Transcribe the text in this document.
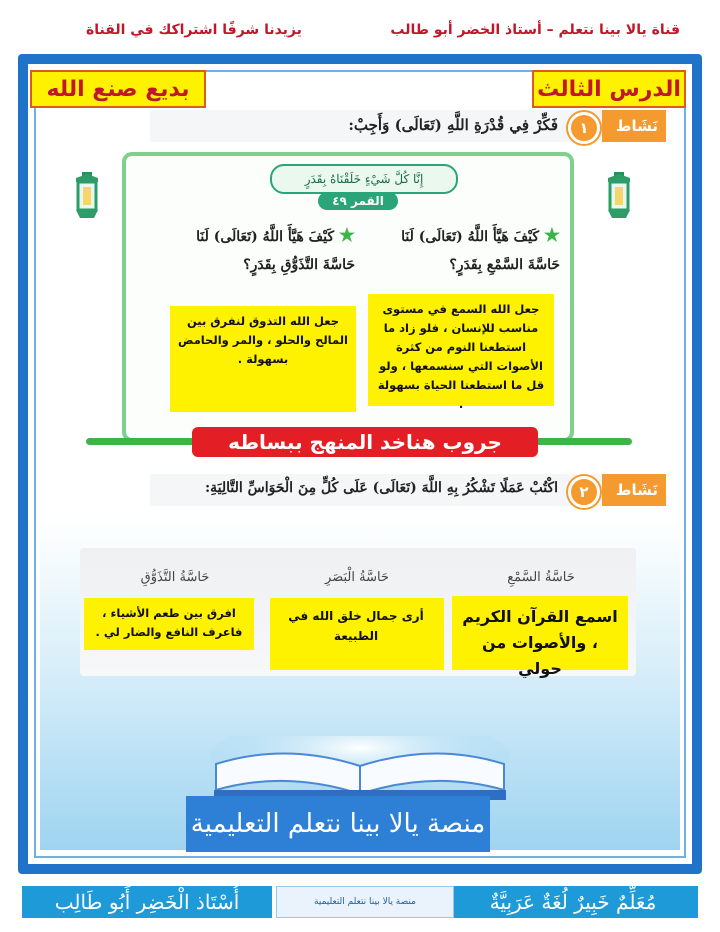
قناة يالا بينا نتعلم – أستاذ الخضر أبو طالب
يزيدنا شرفًا اشتراكك في القناة
الدرس الثالث
بديع صنع الله
نَشَاط
١
فَكِّرْ فِي قُدْرَةِ اللَّهِ (تَعَالَى) وَأَجِبْ:
إِنَّا كُلَّ شَيْءٍ خَلَقْنَاهُ بِقَدَرٍ
القمر ٤٩
★ كَيْفَ هَيَّأَ اللَّهُ (تَعَالَى) لَنَا
حَاسَّةَ السَّمْعِ بِقَدَرٍ؟
★ كَيْفَ هَيَّأَ اللَّهُ (تَعَالَى) لَنَا
حَاسَّةَ التَّذَوُّقِ بِقَدَرٍ؟
جعل الله السمع في مستوى مناسب للإنسان ، فلو زاد ما استطعنا النوم من كثرة الأصوات التي سنسمعها ، ولو قل ما استطعنا الحياة بسهولة .
جعل الله التذوق لنفرق بين المالح والحلو ، والمر والحامض بسهولة .
جروب هناخد المنهج ببساطه
نَشَاط
٢
اكْتُبْ عَمَلًا تَشْكُرُ بِهِ اللَّهَ (تَعَالَى) عَلَى كُلٍّ مِنَ الْحَوَاسِّ التَّالِيَةِ:
حَاسَّةُ السَّمْعِ
اسمع القرآن الكريم ، والأصوات من حولي
حَاسَّةُ الْبَصَرِ
أرى جمال خلق الله في الطبيعة
حَاسَّةُ التَّذَوُّقِ
افرق بين طعم الأشياء ، فاعرف النافع والضار لي .
منصة يالا بينا نتعلم التعليمية
مُعَلِّمٌ خَبِيرٌ لُغَةٌ عَرَبِيَّةٌ
منصة يالا بينا نتعلم التعليمية
أُسْتَاذ الْخَضِر أَبُو طَالِب
